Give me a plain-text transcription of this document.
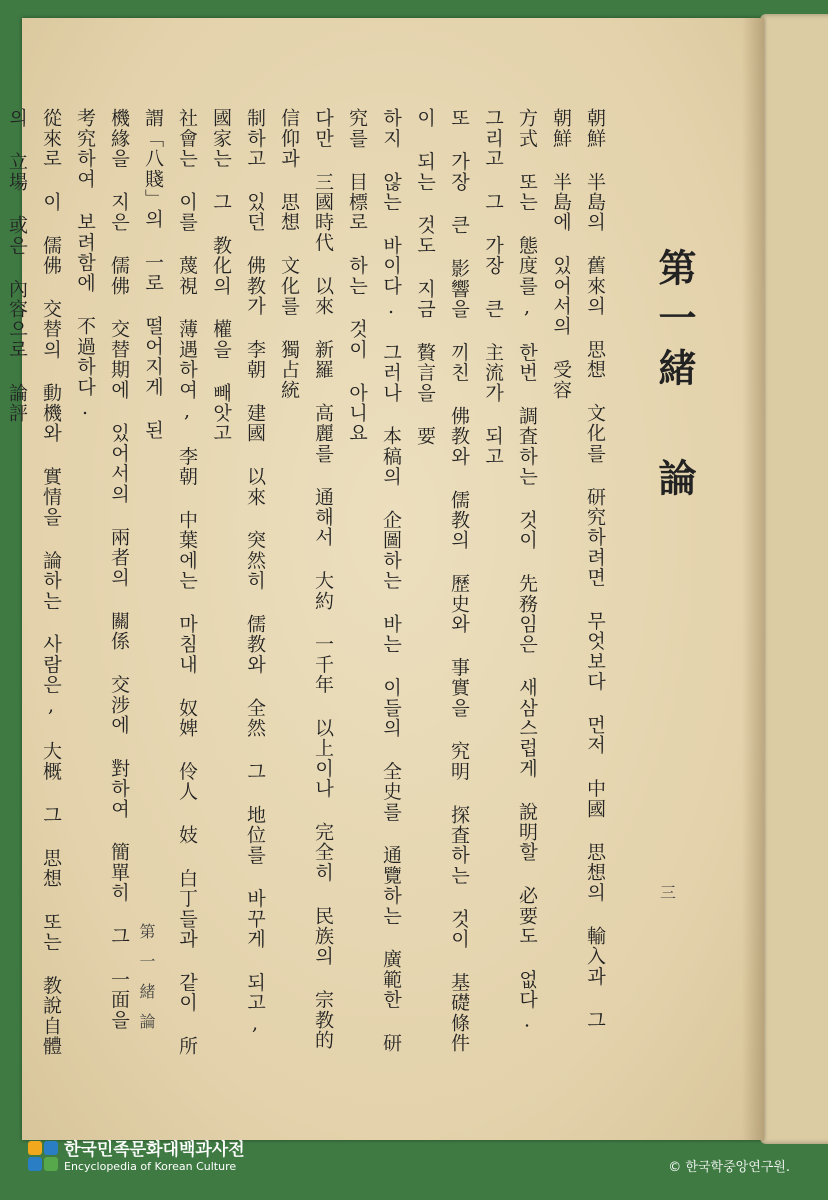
第一緒
論
朝鮮 半島의 舊來의 思想 文化를 研究하려면 무엇보다 먼저 中國 思想의 輸入과 그 朝鮮 半島에 있어서의 受容
方式 또는 態度를, 한번 調査하는 것이 先務임은 새삼스럽게 說明할 必要도 없다. 그리고 그 가장 큰 主流가 되고
또 가장 큰 影響을 끼친 佛教와 儒教의 歷史와 事實을 究明 探査하는 것이 基礎條件이 되는 것도 지금 贅言을 要
하지 않는 바이다. 그러나 本稿의 企圖하는 바는 이들의 全史를 通覽하는 廣範한 研究를 目標로 하는 것이 아니요
다만 三國時代 以來 新羅 高麗를 通해서 大約 一千年 以上이나 完全히 民族의 宗教的 信仰과 思想 文化를 獨占統
制하고 있던 佛教가 李朝 建國 以來 突然히 儒教와 全然 그 地位를 바꾸게 되고, 國家는 그 教化의 權을 빼앗고
社會는 이를 蔑視 薄遇하여, 李朝 中葉에는 마침내 奴婢 伶人 妓 白丁들과 같이 所謂「八賤」의 一로 떨어지게 된
機緣을 지은 儒佛 交替期에 있어서의 兩者의 關係 交涉에 對하여 簡單히 그 一面을 考究하여 보려함에 不過하다.
從來로 이 儒佛 交替의 動機와 實情을 論하는 사람은, 大概 그 思想 또는 教說自體의 立場 或은 內容으로 論評
第一緒論
三
한국민족문화대백과사전
Encyclopedia of Korean Culture	© 한국학중앙연구원.
